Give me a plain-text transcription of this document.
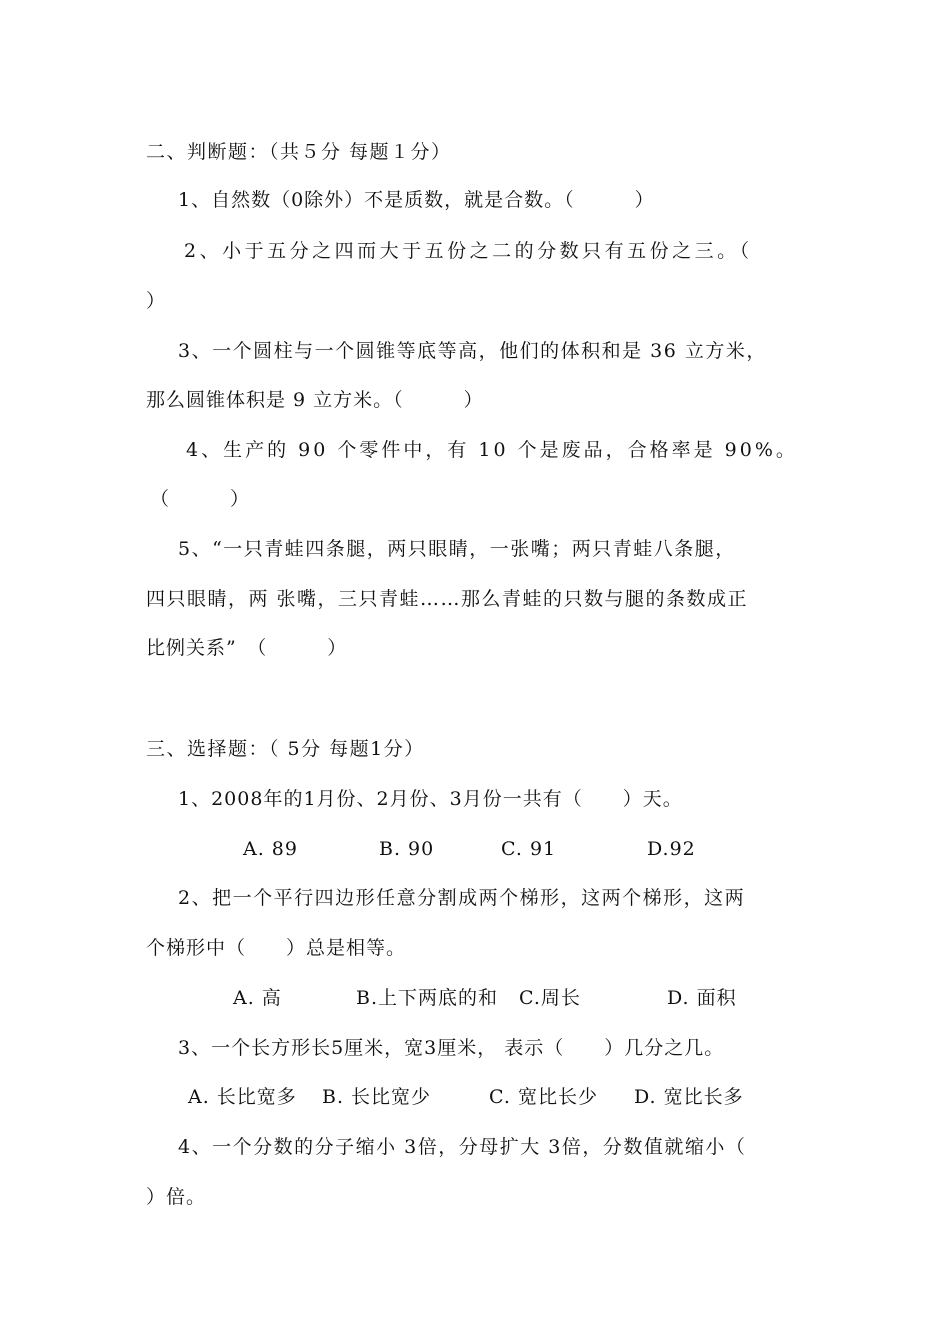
二、判断题：（共５分 每题１分）
1、自然数（0除外）不是质数，就是合数。（　　　）
2、小于五分之四而大于五份之二的分数只有五份之三。（
）
3、一个圆柱与一个圆锥等底等高，他们的体积和是 36 立方米，
那么圆锥体积是 9 立方米。（　　　）
4、生产的 90 个零件中，有 10 个是废品，合格率是 90%。
（　　　）
5、“一只青蛙四条腿，两只眼睛，一张嘴；两只青蛙八条腿，
四只眼睛，两 张嘴，三只青蛙……那么青蛙的只数与腿的条数成正
比例关系”　（　　　）
三、选择题：（ 5分 每题1分）
1、2008年的1月份、2月份、3月份一共有（　　）天。
A. 89	B. 90	C. 91	D.92
2、把一个平行四边形任意分割成两个梯形，这两个梯形，这两
个梯形中（　　）总是相等。
A. 高	B.上下两底的和 C.周长	D. 面积
3、一个长方形长5厘米，宽3厘米， 表示（　　）几分之几。
A. 长比宽多 B. 长比宽少	C. 宽比长少 D. 宽比长多
4、一个分数的分子缩小 3倍，分母扩大 3倍，分数值就缩小（
）倍。
